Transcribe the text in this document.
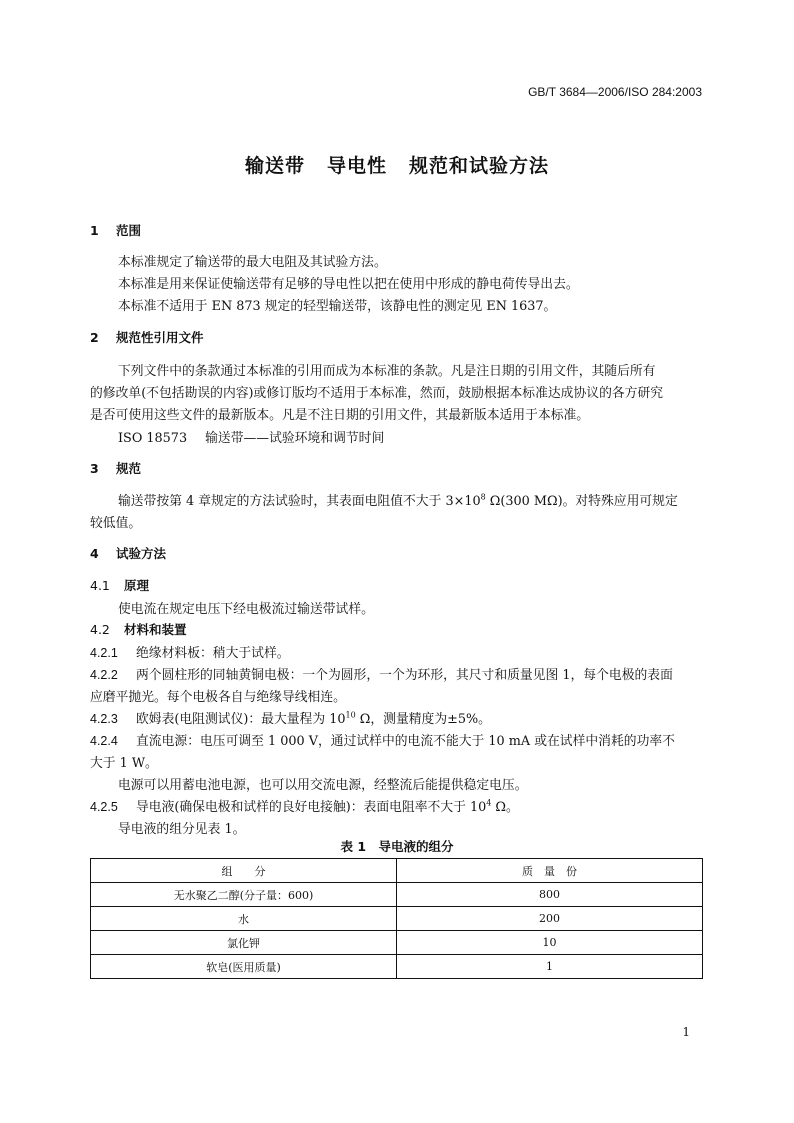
GB/T 3684—2006/ISO 284:2003
输送带 导电性 规范和试验方法
1 范围
本标准规定了输送带的最大电阻及其试验方法。
本标准是用来保证使输送带有足够的导电性以把在使用中形成的静电荷传导出去。
本标准不适用于 EN 873 规定的轻型输送带，该静电性的测定见 EN 1637。
2 规范性引用文件
下列文件中的条款通过本标准的引用而成为本标准的条款。凡是注日期的引用文件，其随后所有
的修改单(不包括勘误的内容)或修订版均不适用于本标准，然而，鼓励根据本标准达成协议的各方研究
是否可使用这些文件的最新版本。凡是不注日期的引用文件，其最新版本适用于本标准。
ISO 18573 输送带——试验环境和调节时间
3 规范
输送带按第 4 章规定的方法试验时，其表面电阻值不大于 $3\times 10^8$ Ω(300 MΩ)。对特殊应用可规定
较低值。
4 试验方法
4.1 原理
使电流在规定电压下经电极流过输送带试样。
4.2 材料和装置
4.2.1 绝缘材料板：稍大于试样。
4.2.2 两个圆柱形的同轴黄铜电极：一个为圆形，一个为环形，其尺寸和质量见图 1，每个电极的表面
应磨平抛光。每个电极各自与绝缘导线相连。
4.2.3 欧姆表(电阻测试仪)：最大量程为 $10^{10}$ Ω，测量精度为±5%。
4.2.4 直流电源：电压可调至 1 000 V，通过试样中的电流不能大于 10 mA 或在试样中消耗的功率不
大于 1 W。
电源可以用蓄电池电源，也可以用交流电源，经整流后能提供稳定电压。
4.2.5 导电液(确保电极和试样的良好电接触)：表面电阻率不大于 $10^4$ Ω。
导电液的组分见表 1。
表 1　导电液的组分
组　　分	质　量　份
无水聚乙二醇(分子量：600)	800
水	200
氯化钾	10
软皂(医用质量)	1
1
